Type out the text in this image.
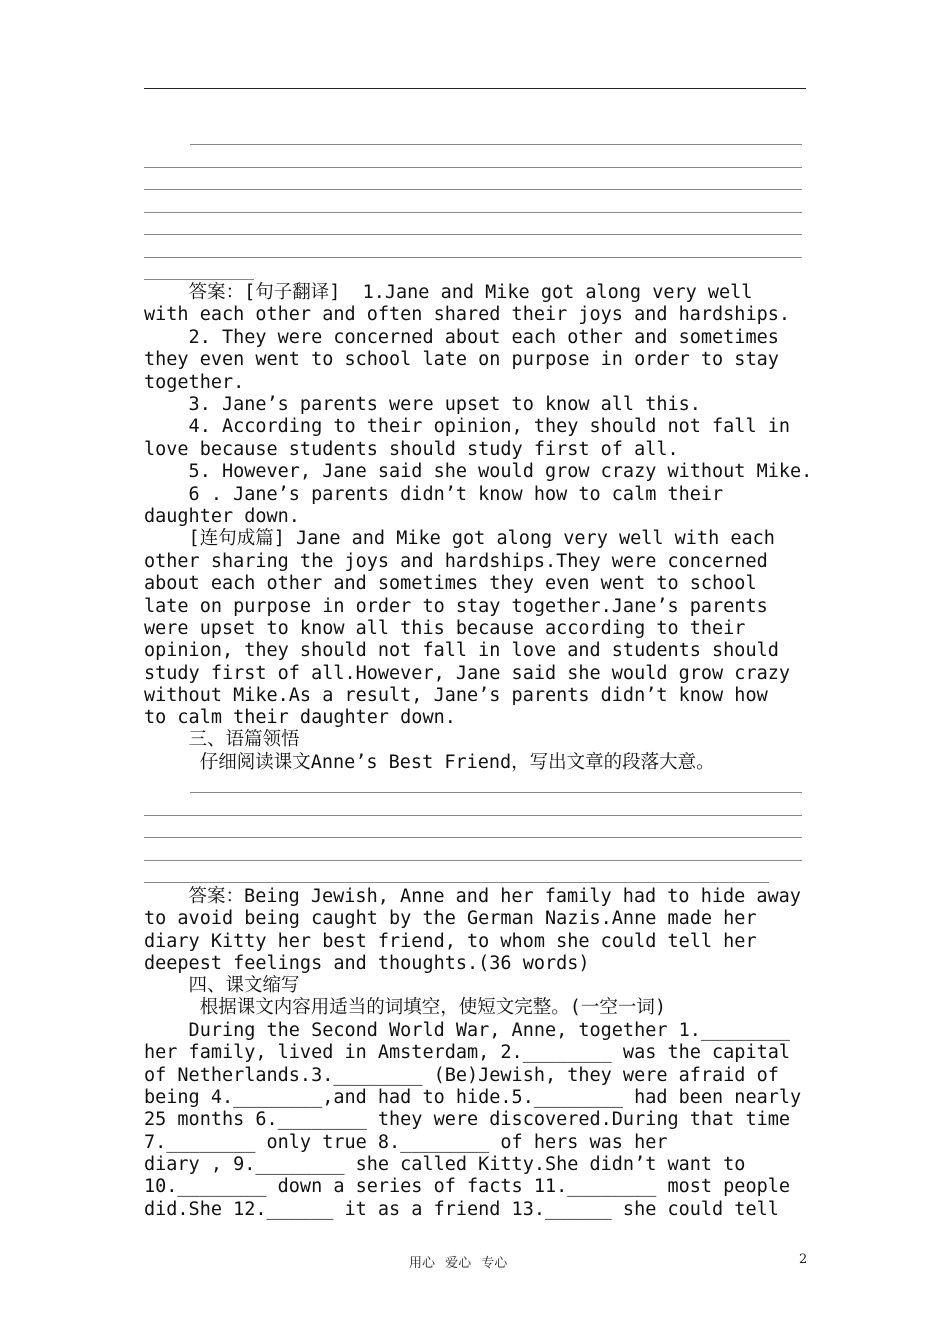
答案：[句子翻译]  1.Jane and Mike got along very well
with each other and often shared their joys and hardships.
2. They were concerned about each other and sometimes
they even went to school late on purpose in order to stay
together.
3. Jane’s parents were upset to know all this.
4. According to their opinion, they should not fall in
love because students should study first of all.
5. However, Jane said she would grow crazy without Mike.
6 . Jane’s parents didn’t know how to calm their
daughter down.
[连句成篇] Jane and Mike got along very well with each
other sharing the joys and hardships.They were concerned
about each other and sometimes they even went to school
late on purpose in order to stay together.Jane’s parents
were upset to know all this because according to their
opinion, they should not fall in love and students should
study first of all.However, Jane said she would grow crazy
without Mike.As a result, Jane’s parents didn’t know how
to calm their daughter down.
三、语篇领悟
仔细阅读课文Anne’s Best Friend，写出文章的段落大意。
答案：Being Jewish, Anne and her family had to hide away
to avoid being caught by the German Nazis.Anne made her
diary Kitty her best friend, to whom she could tell her
deepest feelings and thoughts.(36 words)
四、课文缩写
根据课文内容用适当的词填空，使短文完整。(一空一词)
During the Second World War, Anne, together 1.________
her family, lived in Amsterdam, 2.________ was the capital
of Netherlands.3.________ (Be)Jewish, they were afraid of
being 4.________,and had to hide.5.________ had been nearly
25 months 6.________ they were discovered.During that time
7.________ only true 8.________ of hers was her
diary , 9.________ she called Kitty.She didn’t want to
10.________ down a series of facts 11.________ most people
did.She 12.______ it as a friend 13.______ she could tell
用心 爱心 专心	2
